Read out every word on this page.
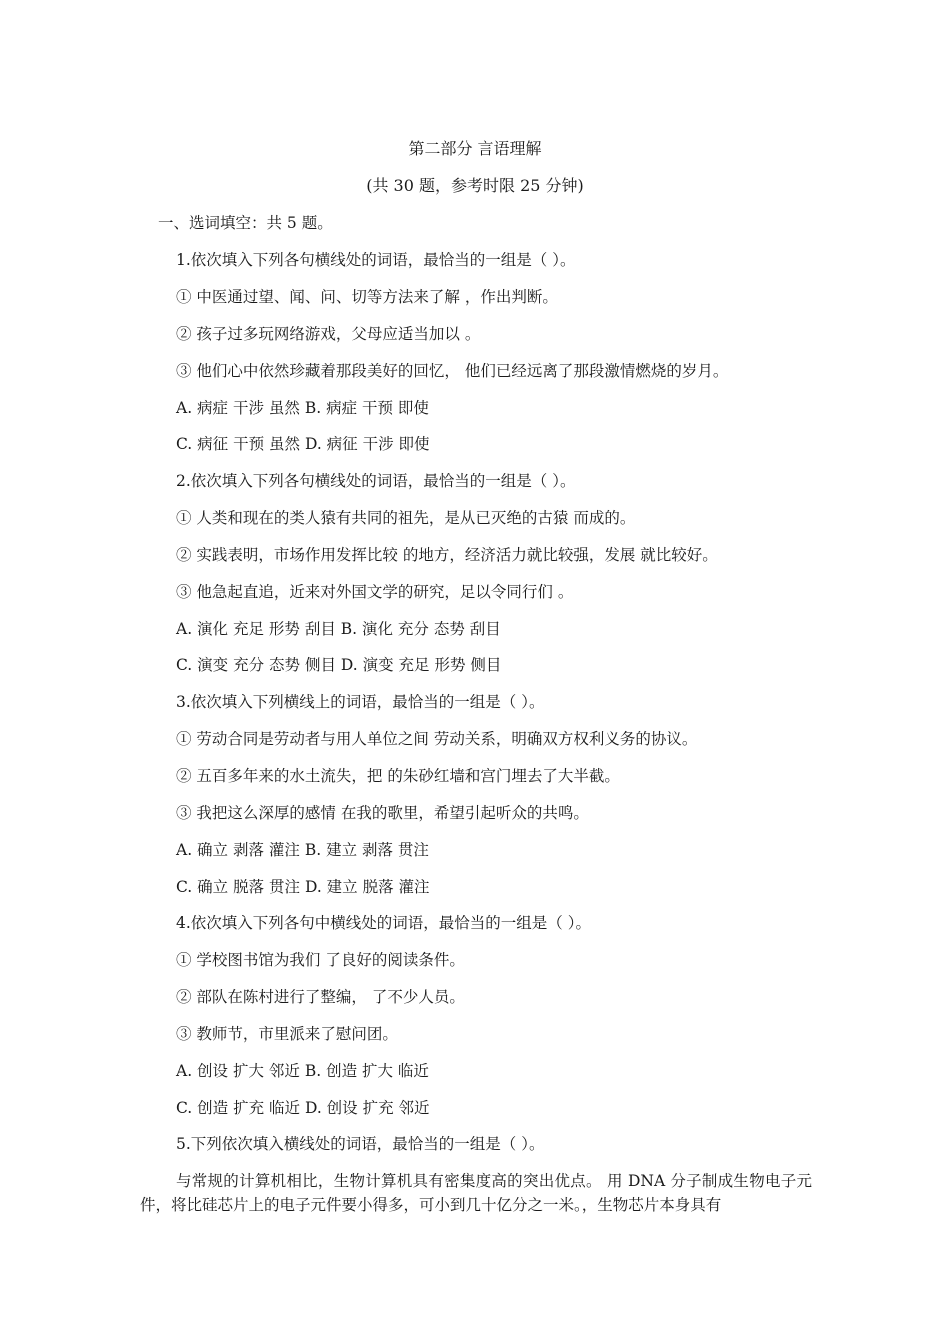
第二部分 言语理解
(共 30 题，参考时限 25 分钟)
一、选词填空：共 5 题。
1.依次填入下列各句横线处的词语，最恰当的一组是（ ）。
① 中医通过望、闻、问、切等方法来了解 ，作出判断。
② 孩子过多玩网络游戏，父母应适当加以 。
③ 他们心中依然珍藏着那段美好的回忆， 他们已经远离了那段激情燃烧的岁月。
A. 病症 干涉 虽然 B. 病症 干预 即使
C. 病征 干预 虽然 D. 病征 干涉 即使
2.依次填入下列各句横线处的词语，最恰当的一组是（ ）。
① 人类和现在的类人猿有共同的祖先，是从已灭绝的古猿 而成的。
② 实践表明，市场作用发挥比较 的地方，经济活力就比较强，发展 就比较好。
③ 他急起直追，近来对外国文学的研究，足以令同行们 。
A. 演化 充足 形势 刮目 B. 演化 充分 态势 刮目
C. 演变 充分 态势 侧目 D. 演变 充足 形势 侧目
3.依次填入下列横线上的词语，最恰当的一组是（ ）。
① 劳动合同是劳动者与用人单位之间 劳动关系，明确双方权利义务的协议。
② 五百多年来的水土流失，把 的朱砂红墙和宫门埋去了大半截。
③ 我把这么深厚的感情 在我的歌里，希望引起听众的共鸣。
A. 确立 剥落 灌注 B. 建立 剥落 贯注
C. 确立 脱落 贯注 D. 建立 脱落 灌注
4.依次填入下列各句中横线处的词语，最恰当的一组是（ ）。
① 学校图书馆为我们 了良好的阅读条件。
② 部队在陈村进行了整编， 了不少人员。
③ 教师节，市里派来了慰问团。
A. 创设 扩大 邻近 B. 创造 扩大 临近
C. 创造 扩充 临近 D. 创设 扩充 邻近
5.下列依次填入横线处的词语，最恰当的一组是（ ）。
与常规的计算机相比，生物计算机具有密集度高的突出优点。 用 DNA 分子制成生物电子元件，将比硅芯片上的电子元件要小得多，可小到几十亿分之一米。，生物芯片本身具有
